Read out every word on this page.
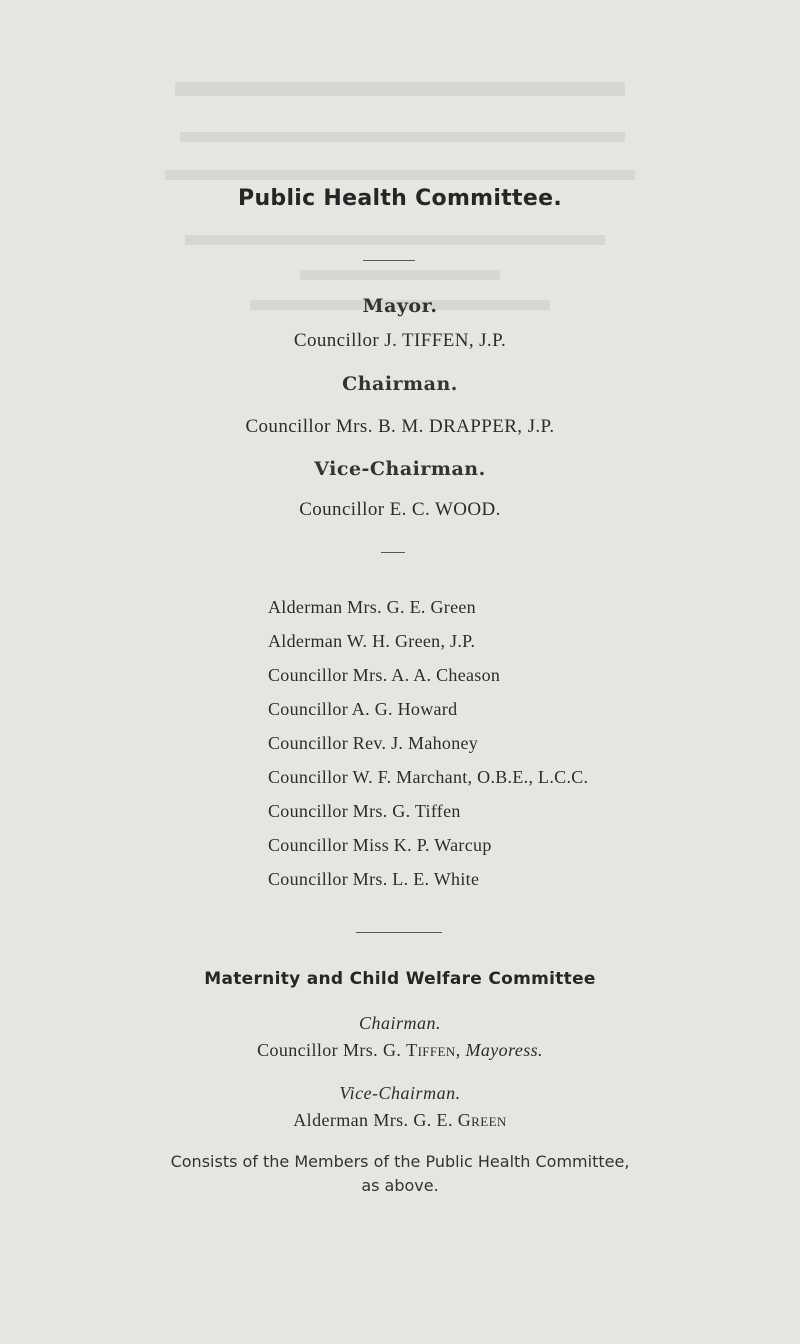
Public Health Committee.
Mayor.
Councillor J. TIFFEN, J.P.
Chairman.
Councillor Mrs. B. M. DRAPPER, J.P.
Vice-Chairman.
Councillor E. C. WOOD.
Alderman Mrs. G. E. Green
Alderman W. H. Green, J.P.
Councillor Mrs. A. A. Cheason
Councillor A. G. Howard
Councillor Rev. J. Mahoney
Councillor W. F. Marchant, O.B.E., L.C.C.
Councillor Mrs. G. Tiffen
Councillor Miss K. P. Warcup
Councillor Mrs. L. E. White
Maternity and Child Welfare Committee
Chairman.
Councillor Mrs. G. Tiffen, Mayoress.
Vice-Chairman.
Alderman Mrs. G. E. Green
Consists of the Members of the Public Health Committee,
as above.
